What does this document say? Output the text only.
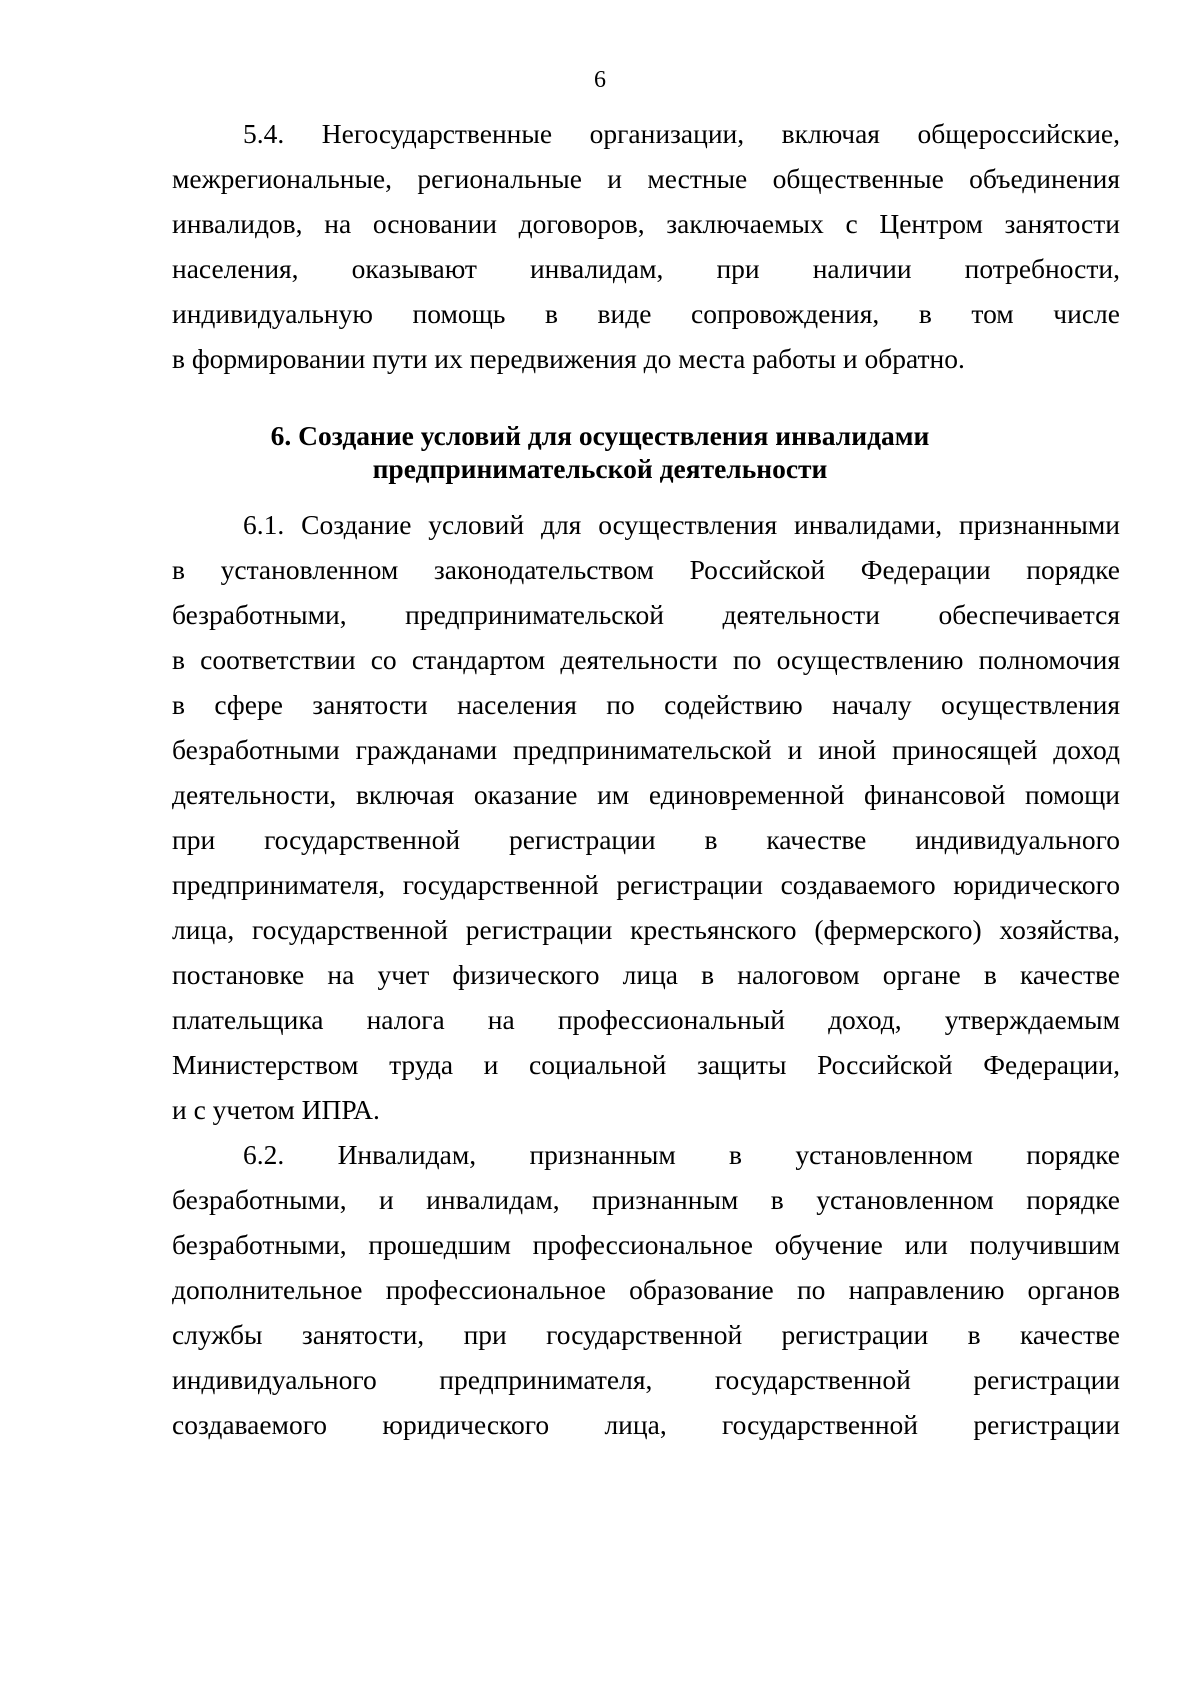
6
5.4. Негосударственные организации, включая общероссийские,
межрегиональные, региональные и местные общественные объединения
инвалидов, на основании договоров, заключаемых с Центром занятости
населения, оказывают инвалидам, при наличии потребности,
индивидуальную помощь в виде сопровождения, в том числе
в формировании пути их передвижения до места работы и обратно.
6. Создание условий для осуществления инвалидами
предпринимательской деятельности
6.1. Создание условий для осуществления инвалидами, признанными
в установленном законодательством Российской Федерации порядке
безработными, предпринимательской деятельности обеспечивается
в соответствии со стандартом деятельности по осуществлению полномочия
в сфере занятости населения по содействию началу осуществления
безработными гражданами предпринимательской и иной приносящей доход
деятельности, включая оказание им единовременной финансовой помощи
при государственной регистрации в качестве индивидуального
предпринимателя, государственной регистрации создаваемого юридического
лица, государственной регистрации крестьянского (фермерского) хозяйства,
постановке на учет физического лица в налоговом органе в качестве
плательщика налога на профессиональный доход, утверждаемым
Министерством труда и социальной защиты Российской Федерации,
и с учетом ИПРА.
6.2. Инвалидам, признанным в установленном порядке
безработными, и инвалидам, признанным в установленном порядке
безработными, прошедшим профессиональное обучение или получившим
дополнительное профессиональное образование по направлению органов
службы занятости, при государственной регистрации в качестве
индивидуального предпринимателя, государственной регистрации
создаваемого юридического лица, государственной регистрации
